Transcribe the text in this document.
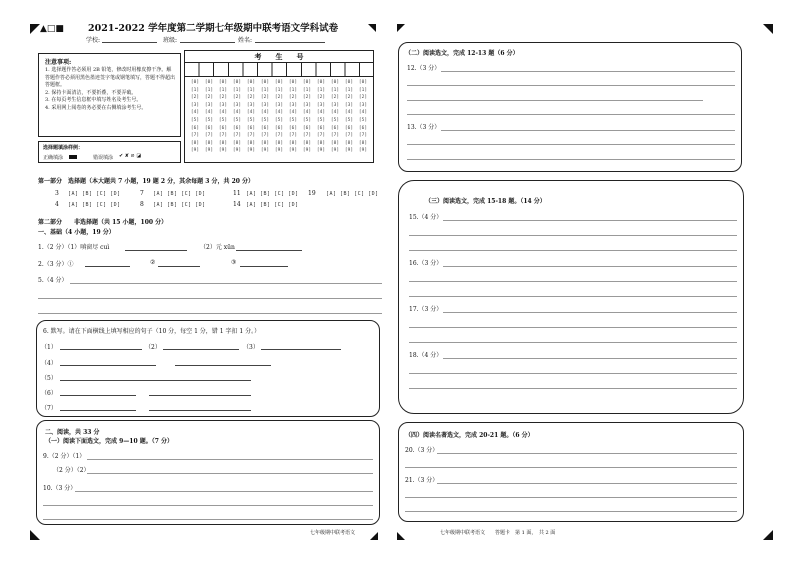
▲□■	2021-2022 学年度第二学期七年级期中联考语文学科试卷
学校:	班级:	姓名:
注意事项:
1. 选择题作答必须用 2B 铅笔，修改时用橡皮擦干净。解答题作答必须用黑色墨迹签字笔或钢笔填写，答题不得超出答题框。
2. 保持卡面清洁，不要折叠，不要弄破。
3. 在每页考生信息框中填写姓名及考生号。
4. 采用网上阅卷的务必要在右侧填涂考生号。
选择题填涂样例：
正确填涂	错误填涂 ✔ ✘ ⊘ ◪
考　　生　　号
[0]	[0]	[0]	[0]	[0]	[0]	[0]	[0]	[0]	[0]	[0]	[0]	[0]
[1]	[1]	[1]	[1]	[1]	[1]	[1]	[1]	[1]	[1]	[1]	[1]	[1]
[2]	[2]	[2]	[2]	[2]	[2]	[2]	[2]	[2]	[2]	[2]	[2]	[2]
[3]	[3]	[3]	[3]	[3]	[3]	[3]	[3]	[3]	[3]	[3]	[3]	[3]
[4]	[4]	[4]	[4]	[4]	[4]	[4]	[4]	[4]	[4]	[4]	[4]	[4]
[5]	[5]	[5]	[5]	[5]	[5]	[5]	[5]	[5]	[5]	[5]	[5]	[5]
[6]	[6]	[6]	[6]	[6]	[6]	[6]	[6]	[6]	[6]	[6]	[6]	[6]
[7]	[7]	[7]	[7]	[7]	[7]	[7]	[7]	[7]	[7]	[7]	[7]	[7]
[8]	[8]	[8]	[8]	[8]	[8]	[8]	[8]	[8]	[8]	[8]	[8]	[8]
[9]	[9]	[9]	[9]	[9]	[9]	[9]	[9]	[9]	[9]	[9]	[9]	[9]
第一部分　选择题（本大题共 7 小题，19 题 2 分，其余每题 3 分，共 20 分）
3 [A] [B] [C] [D]	7 [A] [B] [C] [D]	11 [A] [B] [C] [D] 19 [A] [B] [C] [D]
4 [A] [B] [C] [D]	8 [A] [B] [C] [D]	14 [A] [B] [C] [D]
第二部分　　非选择题（共 15 小题，100 分）
一、基础（4 小题，19 分）
1.（2 分）（1）嗔窗尽 cuì	（2）元 xūn
2.（3 分）①	②	③
5.（4 分）
6. 默写。请在下面横线上填写相应的句子（10 分，每空 1 分，错 1 字扣 1 分。）
（1）	（2）	（3）
（4）
（5）
（6）
（7）
二、阅读，共 33 分
（一）阅读下面选文，完成 9—10 题。（7 分）
9.（2 分）（1）
（2 分）（2）
10.（3 分）
七年级期中联考语文
（二）阅读选文，完成 12-13 题（6 分）
12.（3 分）
13.（3 分）
（三）阅读选文，完成 15-18 题。（14 分）
15.（4 分）
16.（3 分）
17.（3 分）
18.（4 分）
（四）阅读名著选文，完成 20-21 题。（6 分）
20.（3 分）
21.（3 分）
七年级期中联考语文　　答题卡　第 1 面，　共 2 面
